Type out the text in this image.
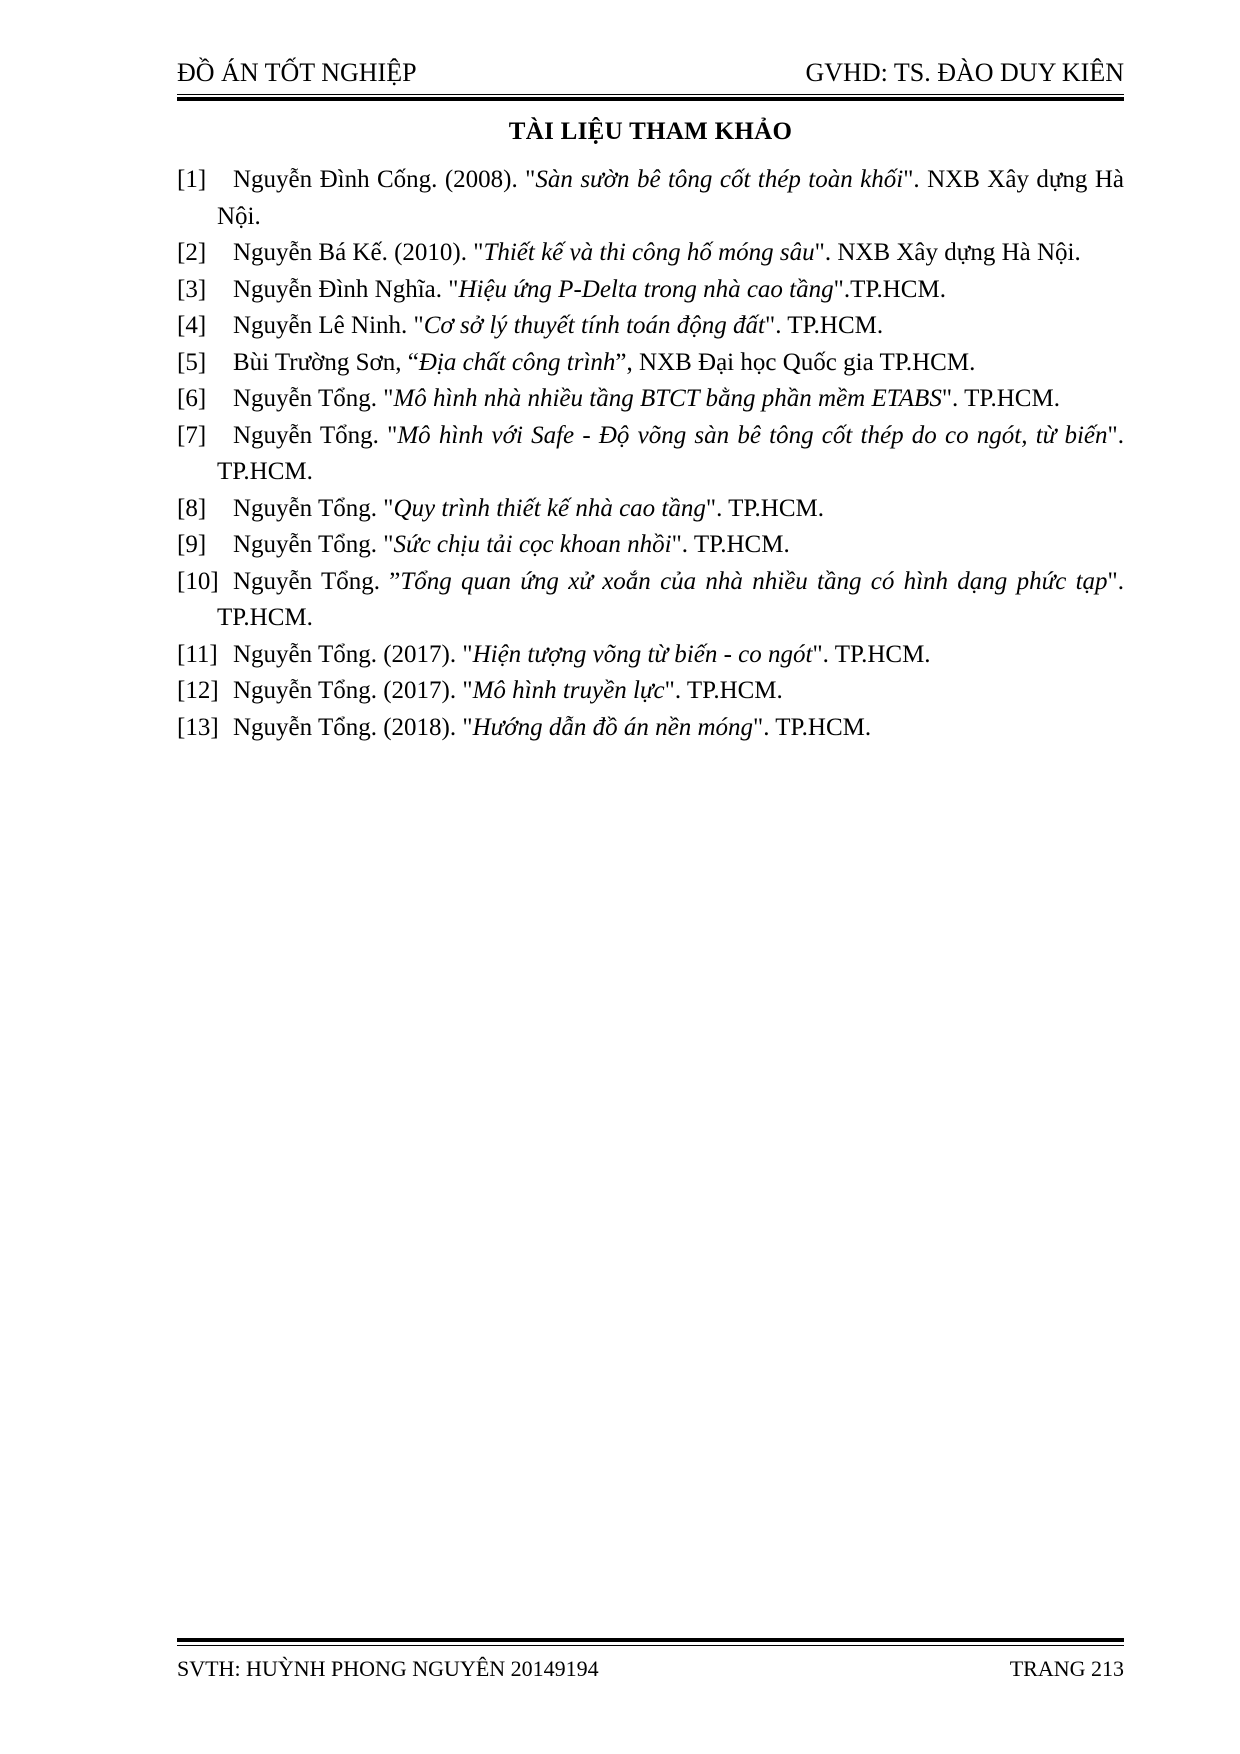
ĐỒ ÁN TỐT NGHIỆP	GVHD: TS. ĐÀO DUY KIÊN
TÀI LIỆU THAM KHẢO
[1] Nguyễn Đình Cống. (2008). "Sàn sườn bê tông cốt thép toàn khối". NXB Xây dựng Hà Nội.
[2] Nguyễn Bá Kế. (2010). "Thiết kế và thi công hố móng sâu". NXB Xây dựng Hà Nội.
[3] Nguyễn Đình Nghĩa. "Hiệu ứng P-Delta trong nhà cao tầng".TP.HCM.
[4] Nguyễn Lê Ninh. "Cơ sở lý thuyết tính toán động đất". TP.HCM.
[5] Bùi Trường Sơn, “Địa chất công trình”, NXB Đại học Quốc gia TP.HCM.
[6] Nguyễn Tổng. "Mô hình nhà nhiều tầng BTCT bằng phần mềm ETABS". TP.HCM.
[7] Nguyễn Tổng. "Mô hình với Safe - Độ võng sàn bê tông cốt thép do co ngót, từ biến". TP.HCM.
[8] Nguyễn Tổng. "Quy trình thiết kế nhà cao tầng". TP.HCM.
[9] Nguyễn Tổng. "Sức chịu tải cọc khoan nhồi". TP.HCM.
[10] Nguyễn Tổng. ”Tổng quan ứng xử xoắn của nhà nhiều tầng có hình dạng phức tạp". TP.HCM.
[11] Nguyễn Tổng. (2017). "Hiện tượng võng từ biến - co ngót". TP.HCM.
[12] Nguyễn Tổng. (2017). "Mô hình truyền lực". TP.HCM.
[13] Nguyễn Tổng. (2018). "Hướng dẫn đồ án nền móng". TP.HCM.
SVTH: HUỲNH PHONG NGUYÊN 20149194	TRANG 213
